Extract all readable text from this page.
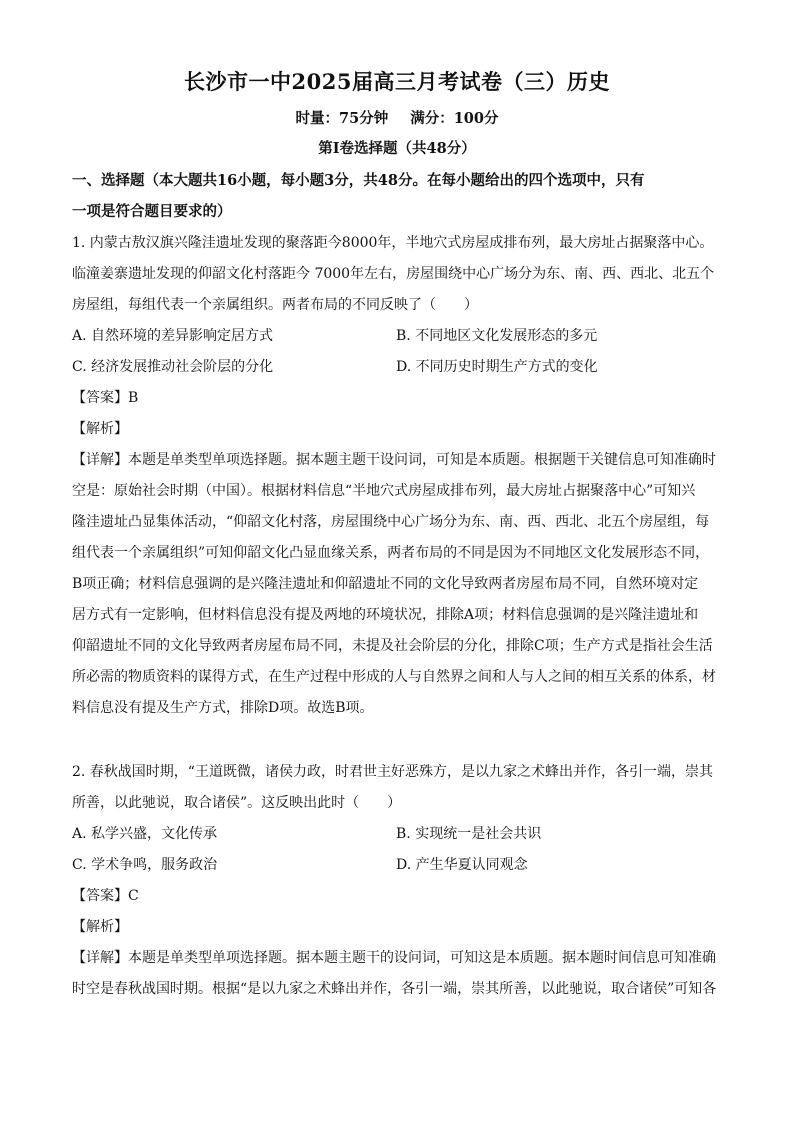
长沙市一中2025届高三月考试卷（三）历史
时量：75分钟 满分：100分
第Ⅰ卷选择题（共48分）
一、选择题（本大题共16小题，每小题3分，共48分。在每小题给出的四个选项中，只有
一项是符合题目要求的）
1. 内蒙古敖汉旗兴隆洼遗址发现的聚落距今8000年，半地穴式房屋成排布列，最大房址占据聚落中心。
临潼姜寨遗址发现的仰韶文化村落距今 7000年左右，房屋围绕中心广场分为东、南、西、西北、北五个
房屋组，每组代表一个亲属组织。两者布局的不同反映了（　　）
A. 自然环境的差异影响定居方式	B. 不同地区文化发展形态的多元
C. 经济发展推动社会阶层的分化	D. 不同历史时期生产方式的变化
【答案】B
【解析】
【详解】本题是单类型单项选择题。据本题主题干设问词，可知是本质题。根据题干关键信息可知准确时
空是：原始社会时期（中国）。根据材料信息“半地穴式房屋成排布列，最大房址占据聚落中心”可知兴
隆洼遗址凸显集体活动，“仰韶文化村落，房屋围绕中心广场分为东、南、西、西北、北五个房屋组，每
组代表一个亲属组织”可知仰韶文化凸显血缘关系，两者布局的不同是因为不同地区文化发展形态不同，
B项正确；材料信息强调的是兴隆洼遗址和仰韶遗址不同的文化导致两者房屋布局不同，自然环境对定
居方式有一定影响，但材料信息没有提及两地的环境状况，排除A项；材料信息强调的是兴隆洼遗址和
仰韶遗址不同的文化导致两者房屋布局不同，未提及社会阶层的分化，排除C项；生产方式是指社会生活
所必需的物质资料的谋得方式，在生产过程中形成的人与自然界之间和人与人之间的相互关系的体系，材
料信息没有提及生产方式，排除D项。故选B项。
2. 春秋战国时期，“王道既微，诸侯力政，时君世主好恶殊方，是以九家之术蜂出并作，各引一端，崇其
所善，以此驰说，取合诸侯”。这反映出此时（　　）
A. 私学兴盛，文化传承	B. 实现统一是社会共识
C. 学术争鸣，服务政治	D. 产生华夏认同观念
【答案】C
【解析】
【详解】本题是单类型单项选择题。据本题主题干的设问词，可知这是本质题。据本题时间信息可知准确
时空是春秋战国时期。根据“是以九家之术蜂出并作，各引一端，崇其所善，以此驰说，取合诸侯”可知各
